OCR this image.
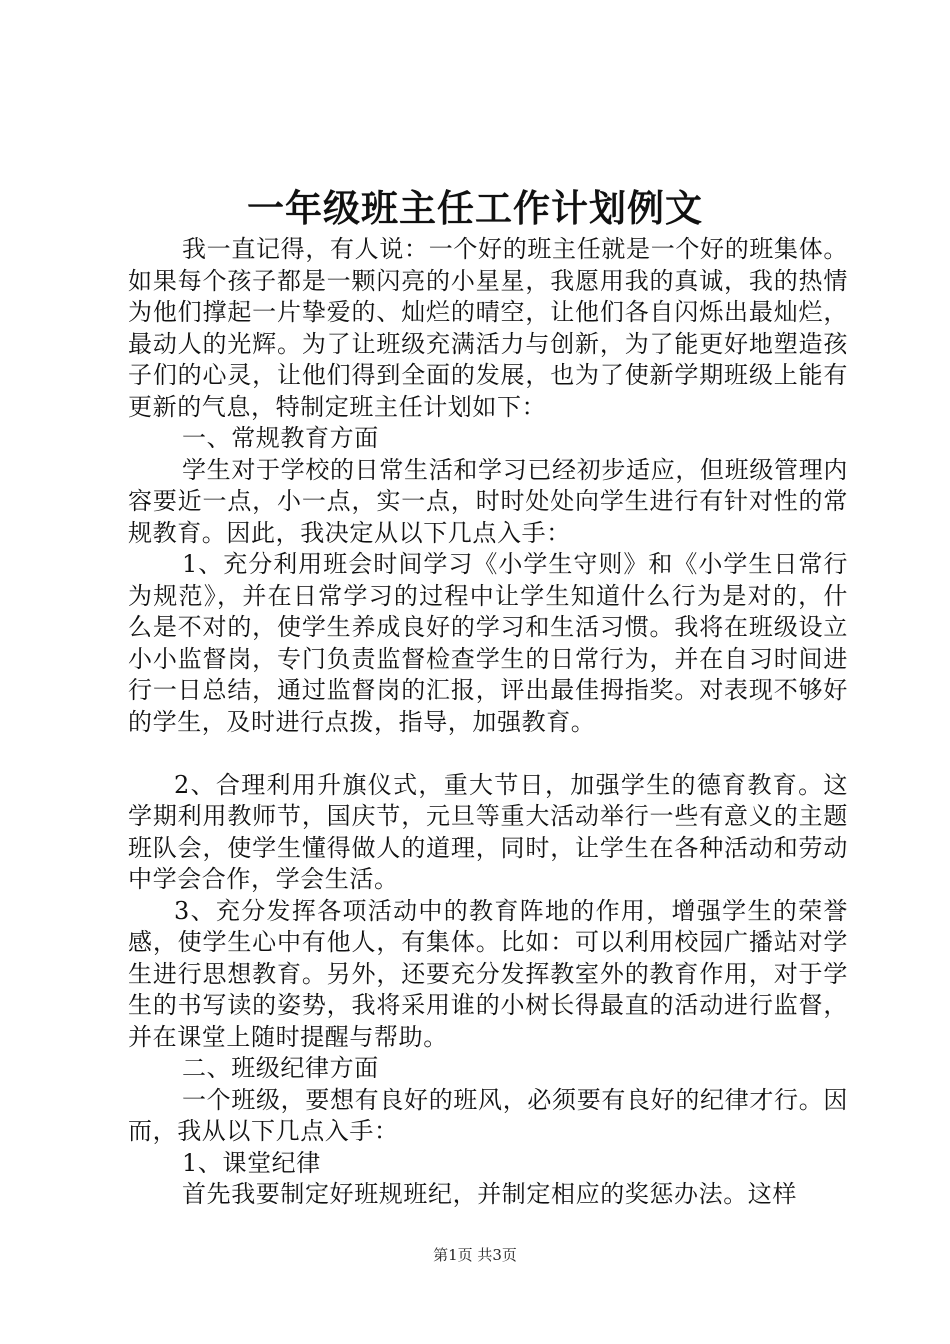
一年级班主任工作计划例文

我一直记得，有人说：一个好的班主任就是一个好的班集体。如果每个孩子都是一颗闪亮的小星星，我愿用我的真诚，我的热情为他们撑起一片挚爱的、灿烂的晴空，让他们各自闪烁出最灿烂，最动人的光辉。为了让班级充满活力与创新，为了能更好地塑造孩子们的心灵，让他们得到全面的发展，也为了使新学期班级上能有更新的气息，特制定班主任计划如下：

一、常规教育方面

学生对于学校的日常生活和学习已经初步适应，但班级管理内容要近一点，小一点，实一点，时时处处向学生进行有针对性的常规教育。因此，我决定从以下几点入手：

1、充分利用班会时间学习《小学生守则》和《小学生日常行为规范》，并在日常学习的过程中让学生知道什么行为是对的，什么是不对的，使学生养成良好的学习和生活习惯。我将在班级设立小小监督岗，专门负责监督检查学生的日常行为，并在自习时间进行一日总结，通过监督岗的汇报，评出最佳拇指奖。对表现不够好的学生，及时进行点拨，指导，加强教育。

2、合理利用升旗仪式，重大节日，加强学生的德育教育。这学期利用教师节，国庆节，元旦等重大活动举行一些有意义的主题班队会，使学生懂得做人的道理，同时，让学生在各种活动和劳动中学会合作，学会生活。

3、充分发挥各项活动中的教育阵地的作用，增强学生的荣誉感，使学生心中有他人，有集体。比如：可以利用校园广播站对学生进行思想教育。另外，还要充分发挥教室外的教育作用，对于学生的书写读的姿势，我将采用谁的小树长得最直的活动进行监督，并在课堂上随时提醒与帮助。

二、班级纪律方面

一个班级，要想有良好的班风，必须要有良好的纪律才行。因而，我从以下几点入手：

1、课堂纪律

首先我要制定好班规班纪，并制定相应的奖惩办法。这样

第1页 共3页
